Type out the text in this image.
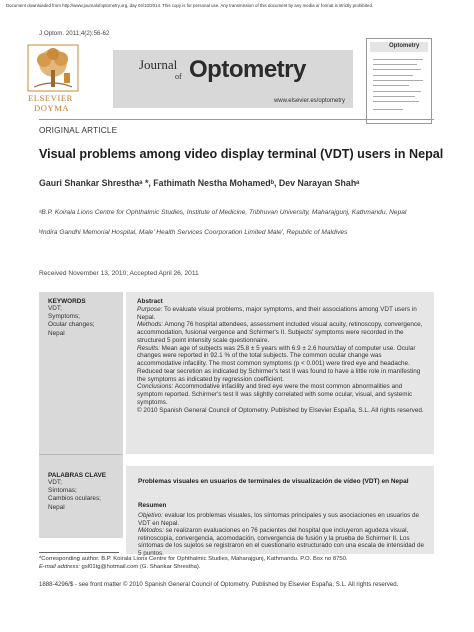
Document downloaded from http://www.journalofoptometry.org, day 04/10/2014. This copy is for personal use. Any transmission of this document by any media or format is strictly prohibited.
J Optom. 2011;4(2):56-62
ELSEVIER
DOYMA
Journal
of Optometry
www.elsevier.es/optometry
Optometry
ORIGINAL ARTICLE
Visual problems among video display terminal (VDT) users in Nepal
Gauri Shankar Shresthaᵃ *, Fathimath Nestha Mohamedᵇ, Dev Narayan Shahᵃ
ᵃB.P. Koirala Lions Centre for Ophthalmic Studies, Institute of Medicine, Tribhuvan University, Maharajgunj, Kathmandu, Nepal
ᵇIndira Gandhi Memorial Hospital, Male' Health Services Coorporation Limited Male', Republic of Maldives
Received November 13, 2010; Accepted April 26, 2011
KEYWORDS
VDT;
Symptoms;
Ocular changes;
Nepal
Abstract
Purpose: To evaluate visual problems, major symptoms, and their associations among VDT users in Nepal.
Methods: Among 76 hospital attendees, assessment included visual acuity, retinoscopy, convergence, accommodation, fusional vergence and Schirmer's II. Subjects' symptoms were recorded in the structured 5 point intensity scale questionnaire.
Results: Mean age of subjects was 25.8 ± 5 years with 6.9 ± 2.6 hours/day of computer use. Ocular changes were reported in 92.1 % of the total subjects. The common ocular change was accommodative infacility. The most common symptoms (p < 0.001) were tired eye and headache. Reduced tear secretion as indicated by Schirmer's test II was found to have a little role in manifesting the symptoms as indicated by regression coefficient.
Conclusions: Accommodative infacility and tired eye were the most common abnormalities and symptom reported. Schirmer's test II was slightly correlated with some ocular, visual, and systemic symptoms.
© 2010 Spanish General Council of Optometry. Published by Elsevier España, S.L. All rights reserved.
PALABRAS CLAVE
VDT;
Síntomas;
Cambios oculares;
Nepal
Problemas visuales en usuarios de terminales de visualización de vídeo (VDT) en Nepal
Resumen
Objetivo: evaluar los problemas visuales, los síntomas principales y sus asociaciones en usuarios de VDT en Nepal.
Métodos: se realizaron evaluaciones en 76 pacientes del hospital que incluyeron agudeza visual, retinoscopia, convergencia, acomodación, convergencia de fusión y la prueba de Schirmer II. Los síntomas de los sujetos se registraron en el cuestionario estructurado con una escala de intensidad de 5 puntos.
*Corresponding author. B.P. Koirala Lions Centre for Ophthalmic Studies, Maharajgunj, Kathmandu. P.O. Box no 8750.
E-mail address: gsl01tg@hotmail.com (G. Shankar Shrestha).
1888-4296/$ - see front matter © 2010 Spanish General Council of Optometry. Published by Elsevier España, S.L. All rights reserved.
